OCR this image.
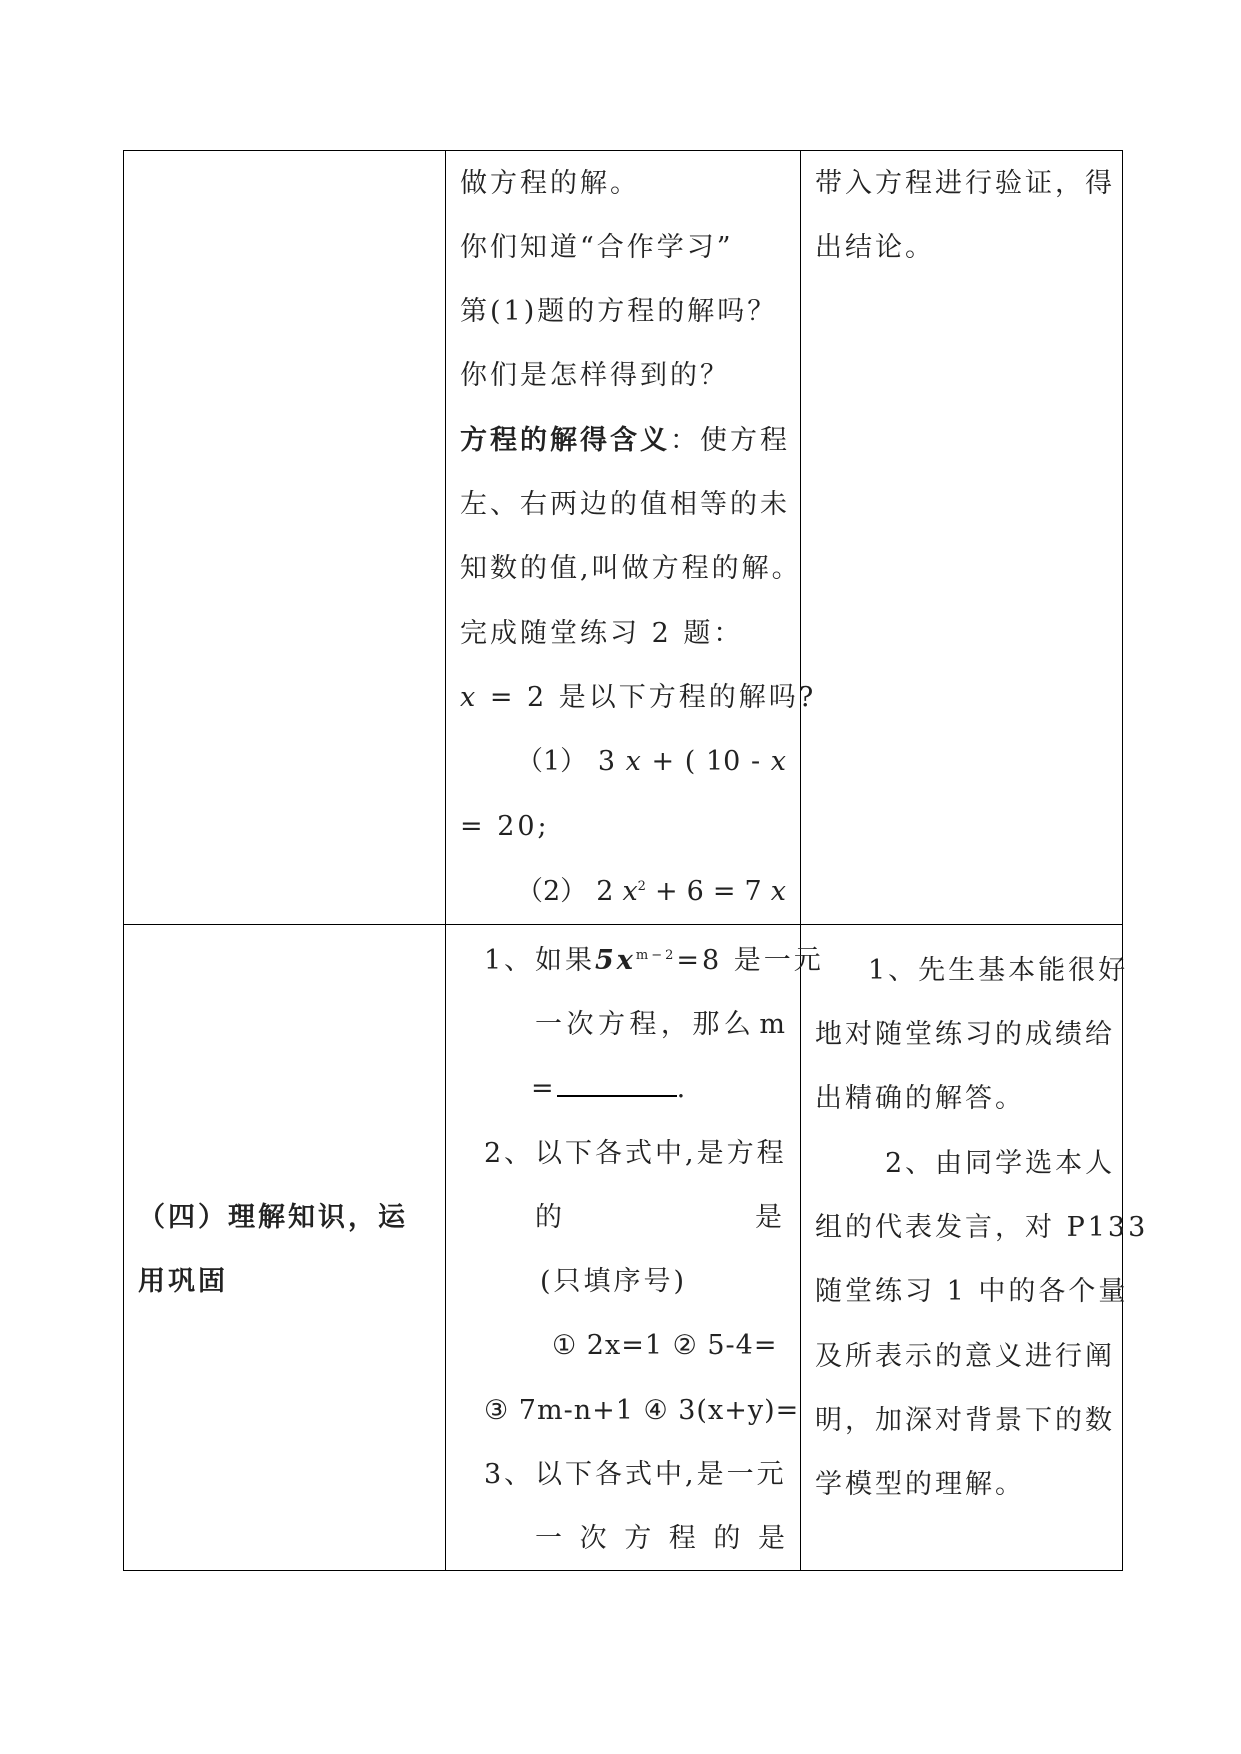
做方程的解。
你们知道“合作学习”
第(1)题的方程的解吗？
你们是怎样得到的？
方程的解得含义：使方程
左、右两边的值相等的未
知数的值,叫做方程的解。
完成随堂练习 2 题：
x = 2 是以下方程的解吗?
（1） 3 x + ( 10 - x
= 20;
（2） 2 $x^2 + 6 = 7$ x
带入方程进行验证，得
出结论。
（四）理解知识，运
用巩固
1、 如果$5x^{m-2}=8$ 是一元
一 次 方 程 ， 那 么 m
=	.
2、 以下各式中,是方程
的	是
(只填序号)
① 2x=1 ② 5-4=
③ 7m-n+1 ④ 3(x+y)=
3、 以下各式中,是一元
一 次 方 程 的 是
1、先生基本能很好
地对随堂练习的成绩给
出精确的解答。
2、由同学选本人
组的代表发言，对 P133
随堂练习 1 中的各个量
及所表示的意义进行阐
明，加深对背景下的数
学模型的理解。
